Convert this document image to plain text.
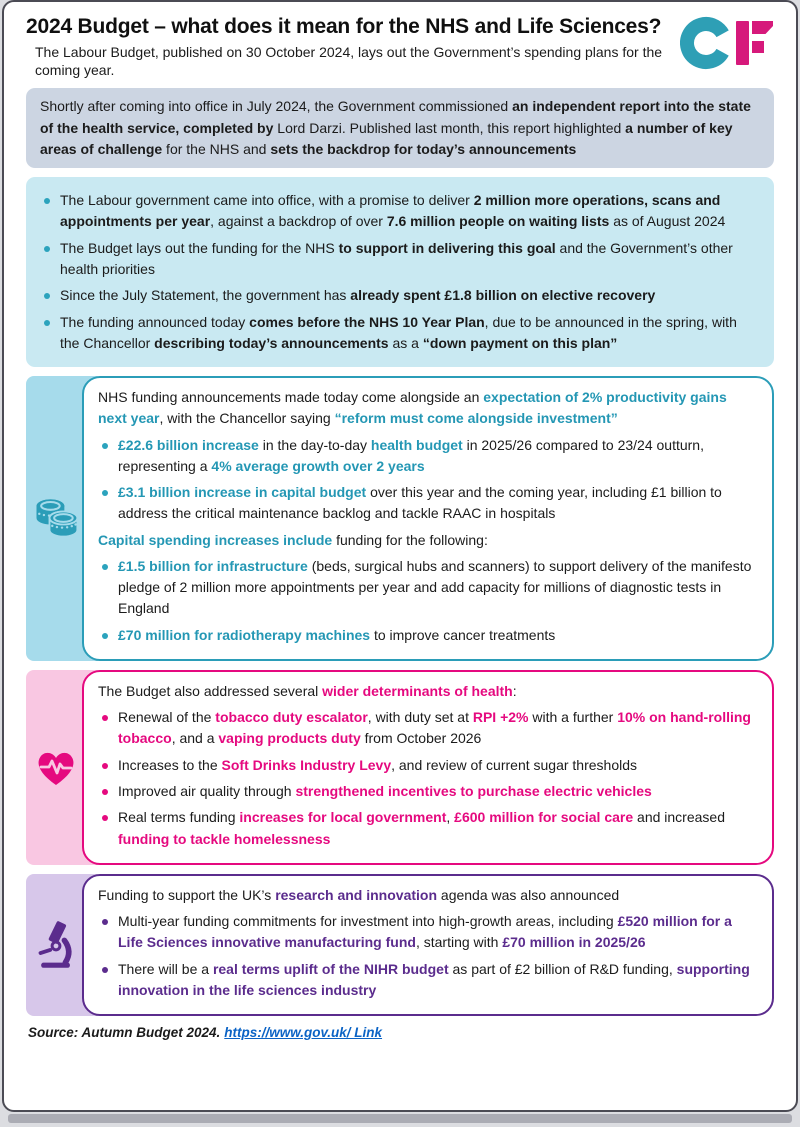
2024 Budget – what does it mean for the NHS and Life Sciences?

The Labour Budget, published on 30 October 2024, lays out the Government’s spending plans for the coming year.

Shortly after coming into office in July 2024, the Government commissioned an independent report into the state of the health service, completed by Lord Darzi. Published last month, this report highlighted a number of key areas of challenge for the NHS and sets the backdrop for today’s announcements

The Labour government came into office, with a promise to deliver 2 million more operations, scans and appointments per year, against a backdrop of over 7.6 million people on waiting lists as of August 2024
The Budget lays out the funding for the NHS to support in delivering this goal and the Government’s other health priorities
Since the July Statement, the government has already spent £1.8 billion on elective recovery
The funding announced today comes before the NHS 10 Year Plan, due to be announced in the spring, with the Chancellor describing today’s announcements as a “down payment on this plan”

NHS funding announcements made today come alongside an expectation of 2% productivity gains next year, with the Chancellor saying “reform must come alongside investment”

£22.6 billion increase in the day-to-day health budget in 2025/26 compared to 23/24 outturn, representing a 4% average growth over 2 years
£3.1 billion increase in capital budget over this year and the coming year, including £1 billion to address the critical maintenance backlog and tackle RAAC in hospitals

Capital spending increases include funding for the following:

£1.5 billion for infrastructure (beds, surgical hubs and scanners) to support delivery of the manifesto pledge of 2 million more appointments per year and add capacity for millions of diagnostic tests in England
£70 million for radiotherapy machines to improve cancer treatments

The Budget also addressed several wider determinants of health:

Renewal of the tobacco duty escalator, with duty set at RPI +2% with a further 10% on hand-rolling tobacco, and a vaping products duty from October 2026
Increases to the Soft Drinks Industry Levy, and review of current sugar thresholds
Improved air quality through strengthened incentives to purchase electric vehicles
Real terms funding increases for local government, £600 million for social care and increased funding to tackle homelessness

Funding to support the UK’s research and innovation agenda was also announced

Multi-year funding commitments for investment into high-growth areas, including £520 million for a Life Sciences innovative manufacturing fund, starting with £70 million in 2025/26
There will be a real terms uplift of the NIHR budget as part of £2 billion of R&D funding, supporting innovation in the life sciences industry
Source: Autumn Budget 2024. https://www.gov.uk/ Link
